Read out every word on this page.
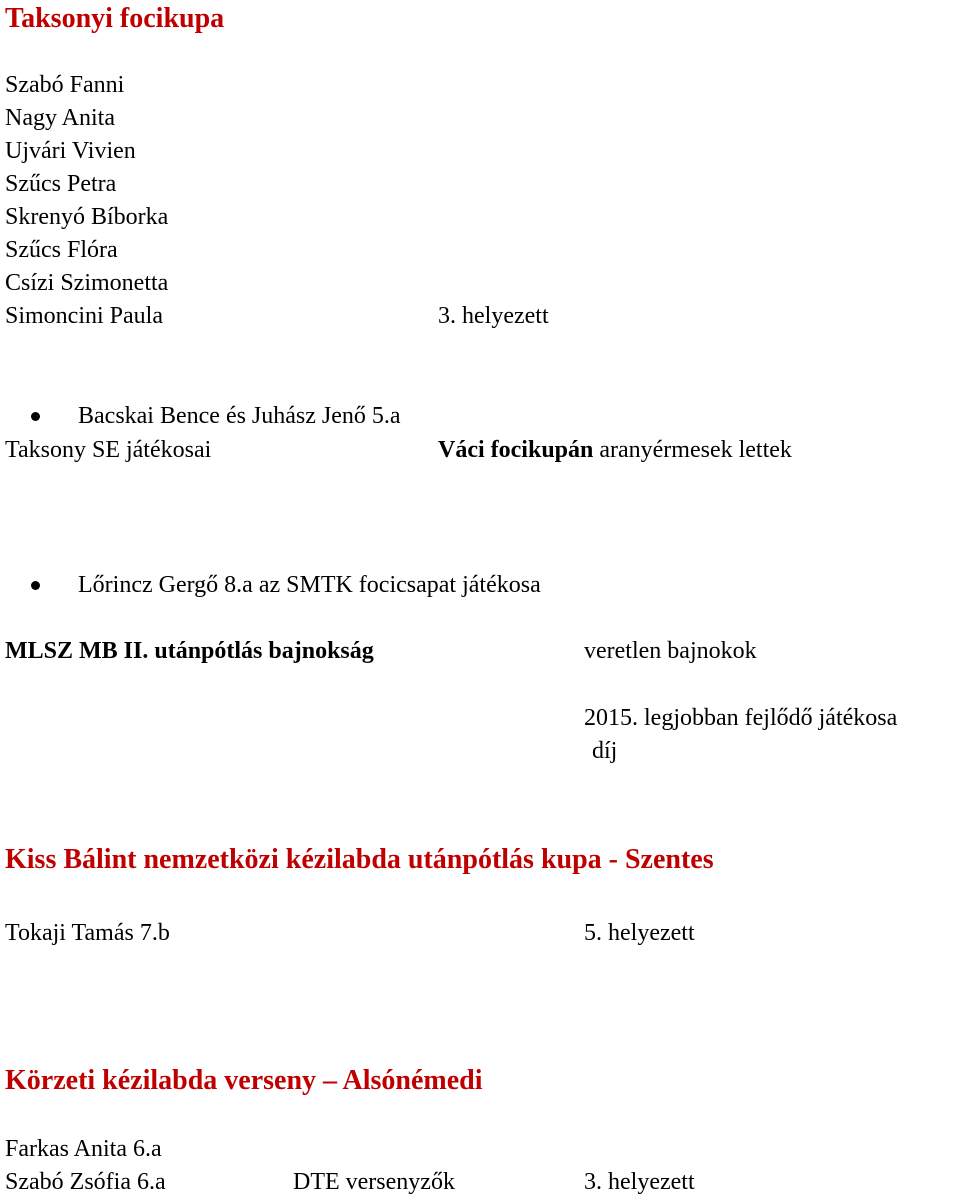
Taksonyi focikupa
Szabó Fanni
Nagy Anita
Ujvári Vivien
Szűcs Petra
Skrenyó Bíborka
Szűcs Flóra
Csízi Szimonetta
Simoncini Paula	3. helyezett
Bacskai Bence és Juhász Jenő 5.a
Taksony SE játékosai	Váci focikupán aranyérmesek lettek
Lőrincz Gergő 8.a az SMTK focicsapat játékosa
MLSZ MB II. utánpótlás bajnokság	veretlen bajnokok
2015. legjobban fejlődő játékosa
díj
Kiss Bálint nemzetközi kézilabda utánpótlás kupa - Szentes
Tokaji Tamás 7.b	5. helyezett
Körzeti kézilabda verseny – Alsónémedi
Farkas Anita 6.a
Szabó Zsófia 6.a	DTE versenyzők	3. helyezett
